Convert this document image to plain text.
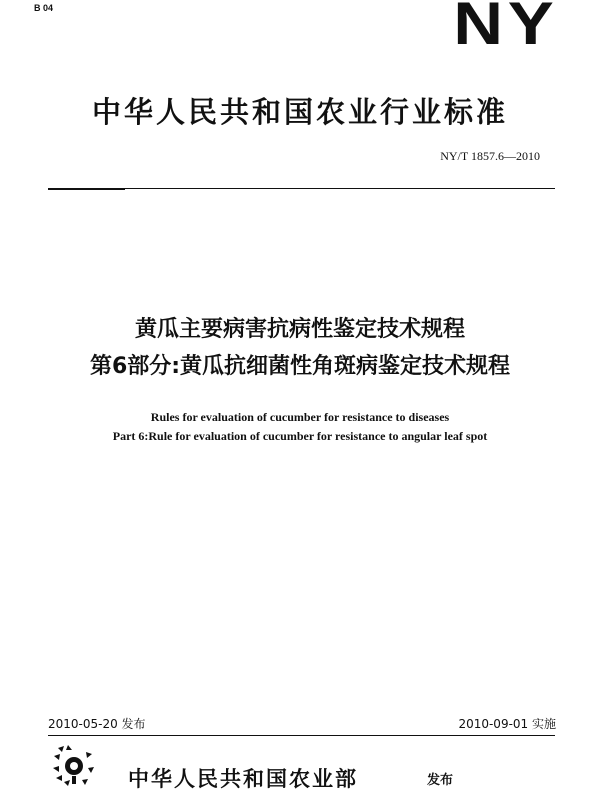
B 04	NY
中华人民共和国农业行业标准
NY/T 1857.6—2010
黄瓜主要病害抗病性鉴定技术规程
第6部分:黄瓜抗细菌性角斑病鉴定技术规程
Rules for evaluation of cucumber for resistance to diseases
Part 6:Rule for evaluation of cucumber for resistance to angular leaf spot
2010-05-20 发布	2010-09-01 实施
中华人民共和国农业部	发布
